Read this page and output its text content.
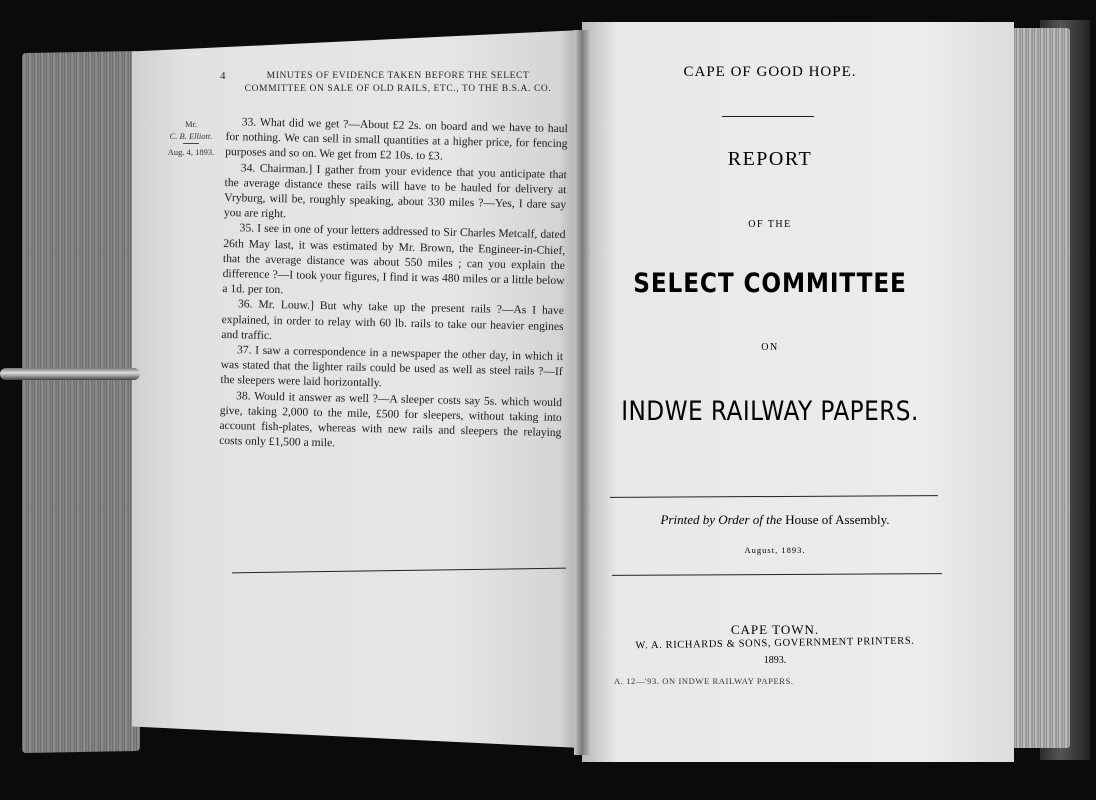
4	MINUTES OF EVIDENCE TAKEN BEFORE THE SELECT
COMMITTEE ON SALE OF OLD RAILS, ETC., TO THE B.S.A. CO.
Mr.
C. B. Elliott.
Aug. 4, 1893.

33. What did we get ?—About £2 2s. on board and we have to haul for nothing. We can sell in small quantities at a higher price, for fencing purposes and so on. We get from £2 10s. to £3.

34. Chairman.] I gather from your evidence that you anticipate that the average distance these rails will have to be hauled for delivery at Vryburg, will be, roughly speaking, about 330 miles ?—Yes, I dare say you are right.

35. I see in one of your letters addressed to Sir Charles Metcalf, dated 26th May last, it was estimated by Mr. Brown, the Engineer-in-Chief, that the average distance was about 550 miles ; can you explain the difference ?—I took your figures, I find it was 480 miles or a little below a 1d. per ton.

36. Mr. Louw.] But why take up the present rails ?—As I have explained, in order to relay with 60 lb. rails to take our heavier engines and traffic.

37. I saw a correspondence in a newspaper the other day, in which it was stated that the lighter rails could be used as well as steel rails ?—If the sleepers were laid horizontally.

38. Would it answer as well ?—A sleeper costs say 5s. which would give, taking 2,000 to the mile, £500 for sleepers, without taking into account fish-plates, whereas with new rails and sleepers the relaying costs only £1,500 a mile.

CAPE OF GOOD HOPE.
REPORT
OF THE
SELECT COMMITTEE
ON
INDWE RAILWAY PAPERS.
Printed by Order of the House of Assembly.
August, 1893.
CAPE TOWN.
W. A. RICHARDS & SONS, GOVERNMENT PRINTERS.
1893.
A. 12—'93. ON INDWE RAILWAY PAPERS.
